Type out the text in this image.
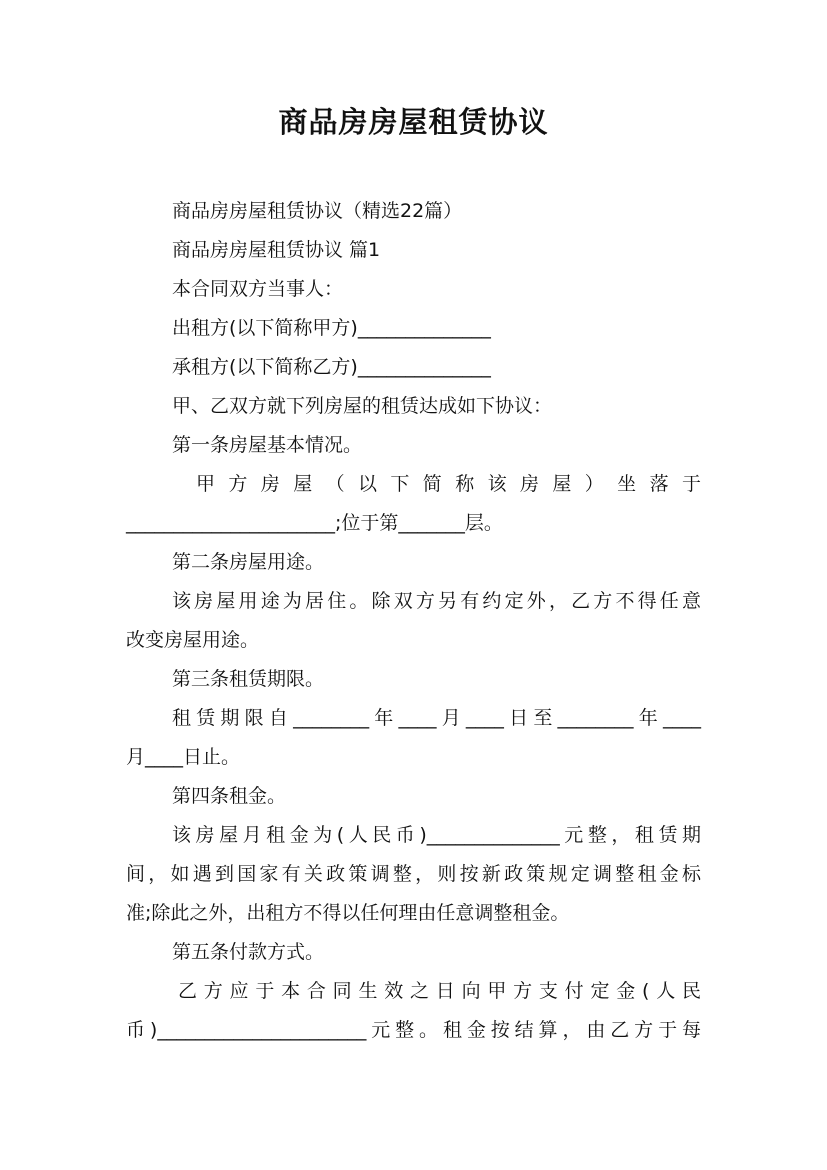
商品房房屋租赁协议
商品房房屋租赁协议（精选22篇）
商品房房屋租赁协议 篇1
本合同双方当事人：
出租方(以下简称甲方)______________
承租方(以下简称乙方)______________
甲、乙双方就下列房屋的租赁达成如下协议：
第一条房屋基本情况。
甲 方 房 屋 （ 以 下 简 称 该 房 屋 ） 坐 落 于
______________________;位于第_______层。
第二条房屋用途。
该房屋用途为居住。除双方另有约定外，乙方不得任意
改变房屋用途。
第三条租赁期限。
租赁期限自________年____月____日至________年____
月____日止。
第四条租金。
该房屋月租金为(人民币)______________元整，租赁期
间，如遇到国家有关政策调整，则按新政策规定调整租金标
准;除此之外，出租方不得以任何理由任意调整租金。
第五条付款方式。
乙方应于本合同生效之日向甲方支付定金(人民
币)______________________元整。租金按结算，由乙方于每
